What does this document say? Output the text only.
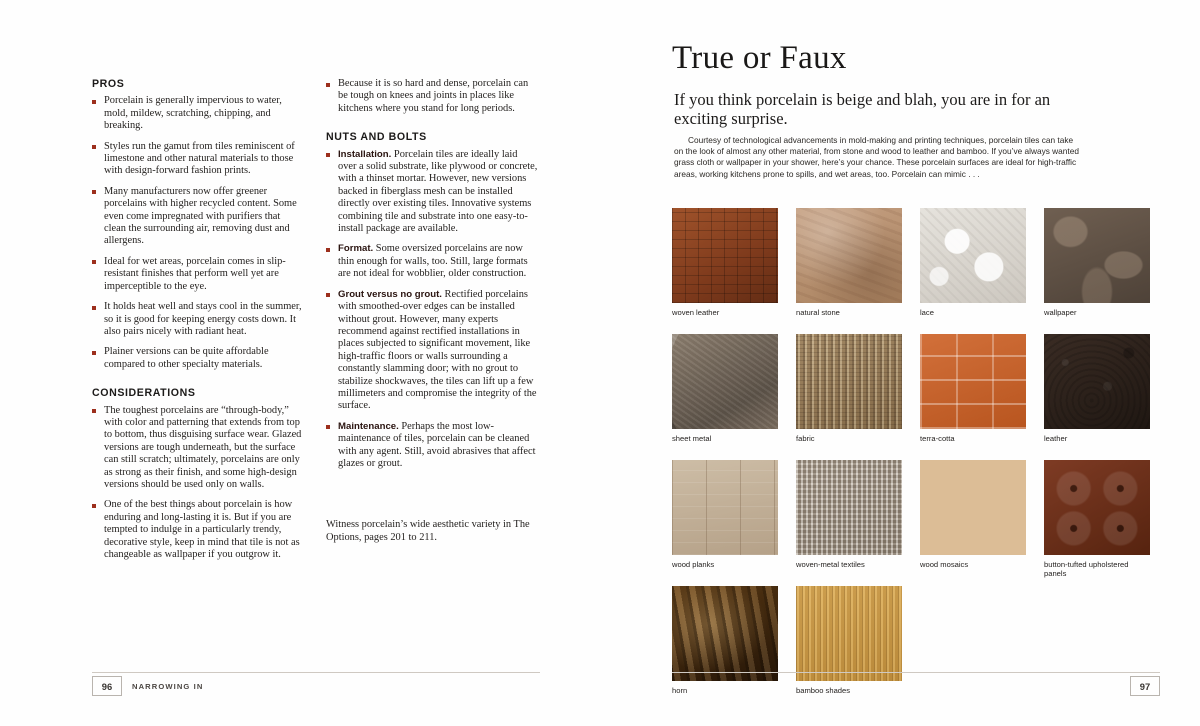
PROS
Porcelain is generally impervious to water, mold, mildew, scratching, chipping, and breaking.
Styles run the gamut from tiles reminiscent of limestone and other natural materials to those with design-forward fashion prints.
Many manufacturers now offer greener porcelains with higher recycled content. Some even come impregnated with purifiers that clean the surrounding air, removing dust and allergens.
Ideal for wet areas, porcelain comes in slip-resistant finishes that perform well yet are imperceptible to the eye.
It holds heat well and stays cool in the summer, so it is good for keeping energy costs down. It also pairs nicely with radiant heat.
Plainer versions can be quite affordable compared to other specialty materials.
CONSIDERATIONS
The toughest porcelains are “through-body,” with color and patterning that extends from top to bottom, thus disguising surface wear. Glazed versions are tough underneath, but the surface can still scratch; ultimately, porcelains are only as strong as their finish, and some high-design versions should be used only on walls.
One of the best things about porcelain is how enduring and long-lasting it is. But if you are tempted to indulge in a particularly trendy, decorative style, keep in mind that tile is not as changeable as wallpaper if you outgrow it.
Because it is so hard and dense, porcelain can be tough on knees and joints in places like kitchens where you stand for long periods.
NUTS AND BOLTS
Installation. Porcelain tiles are ideally laid over a solid substrate, like plywood or concrete, with a thinset mortar. However, new versions backed in fiberglass mesh can be installed directly over existing tiles. Innovative systems combining tile and substrate into one easy-to-install package are available.
Format. Some oversized porcelains are now thin enough for walls, too. Still, large formats are not ideal for wobblier, older construction.
Grout versus no grout. Rectified porcelains with smoothed-over edges can be installed without grout. However, many experts recommend against rectified installations in places subjected to significant movement, like high-traffic floors or walls surrounding a constantly slamming door; with no grout to stabilize shockwaves, the tiles can lift up a few millimeters and compromise the integrity of the surface.
Maintenance. Perhaps the most low-maintenance of tiles, porcelain can be cleaned with any agent. Still, avoid abrasives that affect glazes or grout.
Witness porcelain’s wide aesthetic variety in The Options, pages 201 to 211.
96	NARROWING IN
True or Faux
If you think porcelain is beige and blah, you are in for an exciting surprise.
Courtesy of technological advancements in mold-making and printing techniques, porcelain tiles can take on the look of almost any other material, from stone and wood to leather and bamboo. If you’ve always wanted grass cloth or wallpaper in your shower, here’s your chance. These porcelain surfaces are ideal for high-traffic areas, working kitchens prone to spills, and wet areas, too. Porcelain can mimic . . .
woven leather	natural stone	lace	wallpaper
sheet metal	fabric	terra-cotta	leather
wood planks	woven-metal textiles	wood mosaics	button-tufted upholstered panels
horn	bamboo shades	97
